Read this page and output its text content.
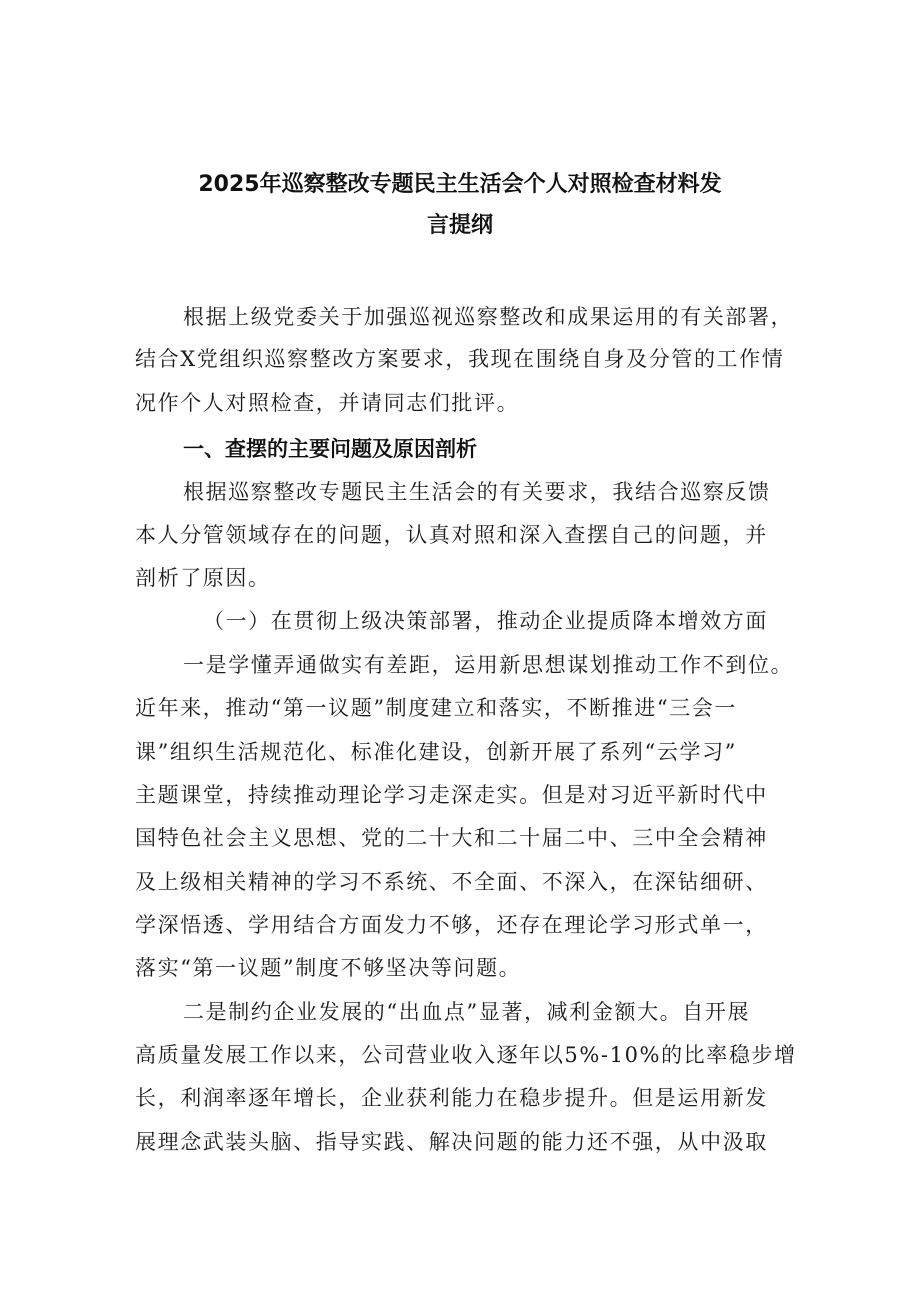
2025年巡察整改专题民主生活会个人对照检查材料发
言提纲
根据上级党委关于加强巡视巡察整改和成果运用的有关部署，
结合X党组织巡察整改方案要求，我现在围绕自身及分管的工作情
况作个人对照检查，并请同志们批评。
一、查摆的主要问题及原因剖析
根据巡察整改专题民主生活会的有关要求，我结合巡察反馈
本人分管领域存在的问题，认真对照和深入查摆自己的问题，并
剖析了原因。
（一）在贯彻上级决策部署，推动企业提质降本增效方面
一是学懂弄通做实有差距，运用新思想谋划推动工作不到位。
近年来，推动“第一议题”制度建立和落实，不断推进“三会一
课”组织生活规范化、标准化建设，创新开展了系列“云学习”
主题课堂，持续推动理论学习走深走实。但是对习近平新时代中
国特色社会主义思想、党的二十大和二十届二中、三中全会精神
及上级相关精神的学习不系统、不全面、不深入，在深钻细研、
学深悟透、学用结合方面发力不够，还存在理论学习形式单一，
落实“第一议题”制度不够坚决等问题。
二是制约企业发展的“出血点”显著，减利金额大。自开展
高质量发展工作以来，公司营业收入逐年以5%-10%的比率稳步增
长，利润率逐年增长，企业获利能力在稳步提升。但是运用新发
展理念武装头脑、指导实践、解决问题的能力还不强，从中汲取
